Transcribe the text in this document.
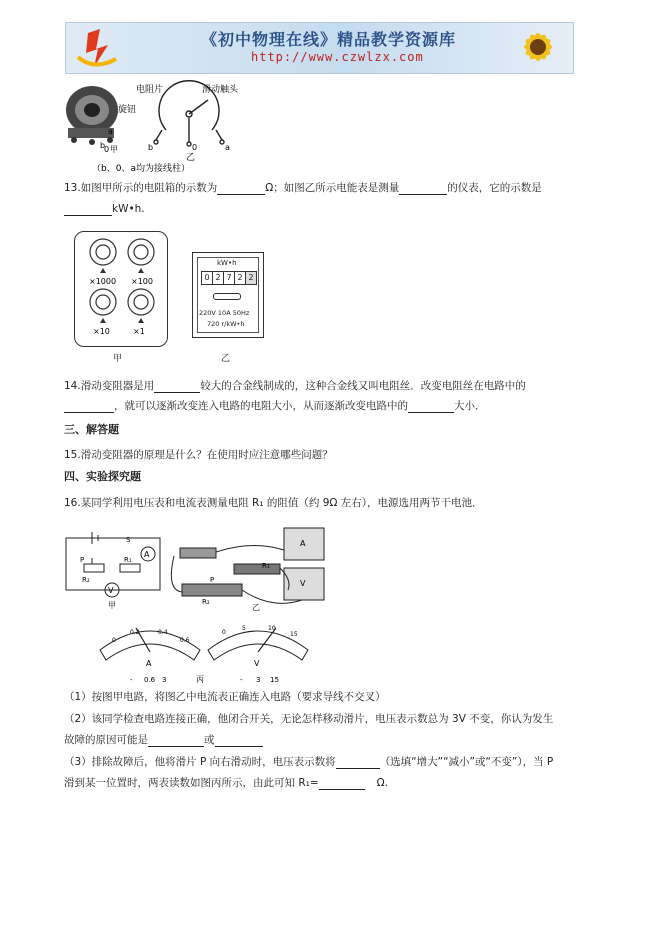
《初中物理在线》精品教学资源库
http://www.czwlzx.com
旋钮
a
b
0 甲
电阻片	滑动触头
b	0	a
乙
（b、0、a均为接线柱）
13.如图甲所示的电阻箱的示数为	Ω；如图乙所示电能表是测量	的仪表，它的示数是
kW•h.
×1000 ×100
×10	×1
甲
kW•h
0 2 7 2 2
220V 10A 50Hz
720 r/kW•h
乙
14.滑动变阻器是用	较大的合金线制成的，这种合金线又叫电阻丝．改变电阻丝在电路中的
，就可以逐渐改变连入电路的电阻大小，从而逐渐改变电路中的	大小．
三、解答题
15.滑动变阻器的原理是什么？在使用时应注意哪些问题？
四、实验探究题
16.某同学利用电压表和电流表测量电阻 R₁ 的阻值（约 9Ω 左右），电源选用两节干电池．
A
V
S
R₁
R₂
P
甲
A
V
R₁
R₂
P
乙
0
0.2	0.4
0.6
A
- 0.6 3
0
5	10
15
V
- 3 15
丙
（1）按图甲电路，将图乙中电流表正确连入电路（要求导线不交叉）
（2）该同学检查电路连接正确，他闭合开关，无论怎样移动滑片，电压表示数总为 3V 不变，你认为发生
故障的原因可能是	或
（3）排除故障后，他将滑片 P 向右滑动时，电压表示数将	（选填“增大”“减小”或“不变”），当 P
滑到某一位置时，两表读数如图丙所示，由此可知 R₁=	Ω.
